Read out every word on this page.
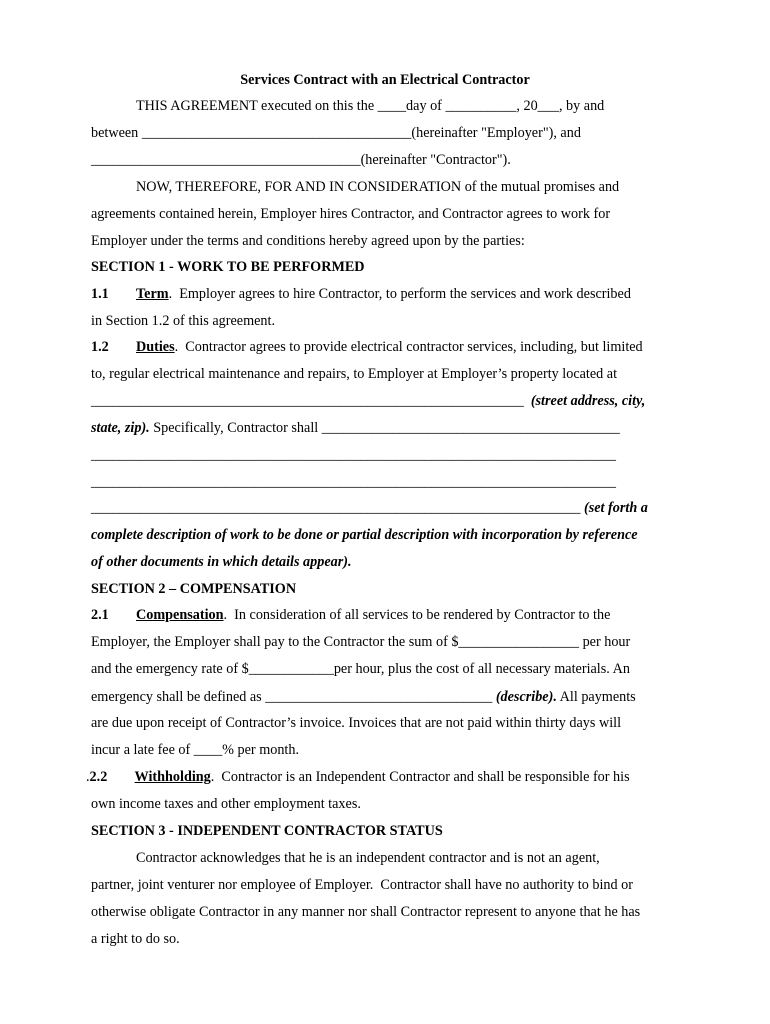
Services Contract with an Electrical Contractor
THIS AGREEMENT executed on this the ____day of __________, 20___, by and
between ______________________________________(hereinafter "Employer"), and
______________________________________(hereinafter "Contractor").
NOW, THEREFORE, FOR AND IN CONSIDERATION of the mutual promises and
agreements contained herein, Employer hires Contractor, and Contractor agrees to work for
Employer under the terms and conditions hereby agreed upon by the parties:
SECTION 1 - WORK TO BE PERFORMED
1.1 Term.  Employer agrees to hire Contractor, to perform the services and work described
in Section 1.2 of this agreement.
1.2 Duties.  Contractor agrees to provide electrical contractor services, including, but limited
to, regular electrical maintenance and repairs, to Employer at Employer’s property located at
_____________________________________________________________  (street address, city,
state, zip). Specifically, Contractor shall __________________________________________
__________________________________________________________________________
__________________________________________________________________________
_____________________________________________________________________ (set forth a
complete description of work to be done or partial description with incorporation by reference
of other documents in which details appear).
SECTION 2 – COMPENSATION
2.1 Compensation.  In consideration of all services to be rendered by Contractor to the
Employer, the Employer shall pay to the Contractor the sum of $_________________ per hour
and the emergency rate of $____________per hour, plus the cost of all necessary materials. An
emergency shall be defined as ________________________________ (describe). All payments
are due upon receipt of Contractor’s invoice. Invoices that are not paid within thirty days will
incur a late fee of ____% per month.
.2.2 Withholding.  Contractor is an Independent Contractor and shall be responsible for his
own income taxes and other employment taxes.
SECTION 3 - INDEPENDENT CONTRACTOR STATUS
Contractor acknowledges that he is an independent contractor and is not an agent,
partner, joint venturer nor employee of Employer.  Contractor shall have no authority to bind or
otherwise obligate Contractor in any manner nor shall Contractor represent to anyone that he has
a right to do so.
